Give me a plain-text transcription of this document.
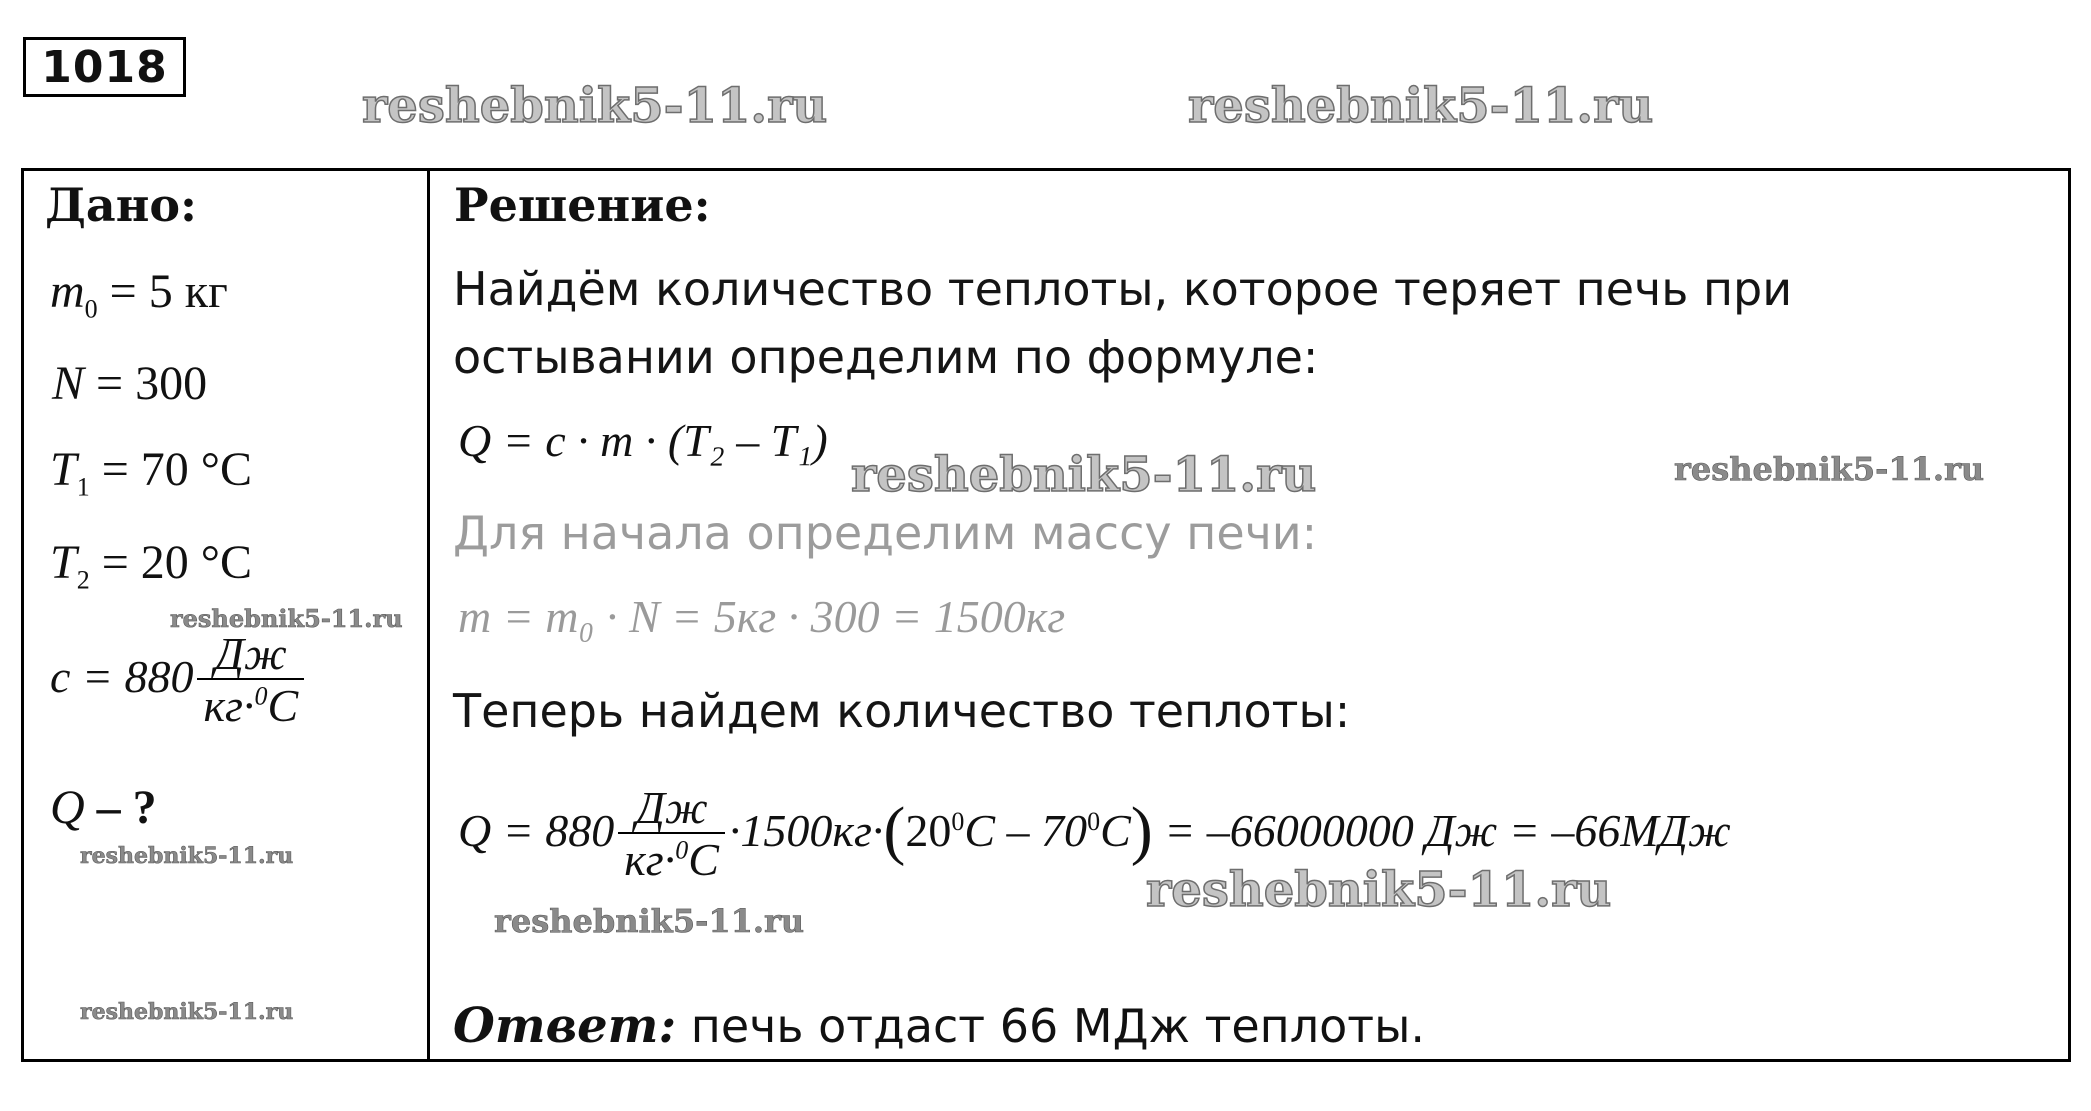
1018
reshebnik5-11.ru	reshebnik5-11.ru
reshebnik5-11.ru	reshebnik5-11.ru
reshebnik5-11.ru
reshebnik5-11.ru
reshebnik5-11.ru
reshebnik5-11.ru
reshebnik5-11.ru
Дано:
$m_0 = 5$ кг
N = 300
$T_1 = 70$ °C
$T_2 = 20$ °C
$c = 880 \frac{Дж}{кг\cdot^0C}$
Q – ?
Решение:
Найдём количество теплоты, которое теряет печь при
остывании определим по формуле:
Q = c · m · (T₂ – T₁)
Для начала определим массу печи:
m = m₀ · N = 5кг · 300 = 1500кг
Теперь найдем количество теплоты:
$Q = 880 \frac{Дж}{кг\cdot^0C} \cdot 1500кг\cdot(20^0C - 70^0C) = -66000000$ Дж = –66МДж
Ответ: печь отдаст 66 МДж теплоты.
